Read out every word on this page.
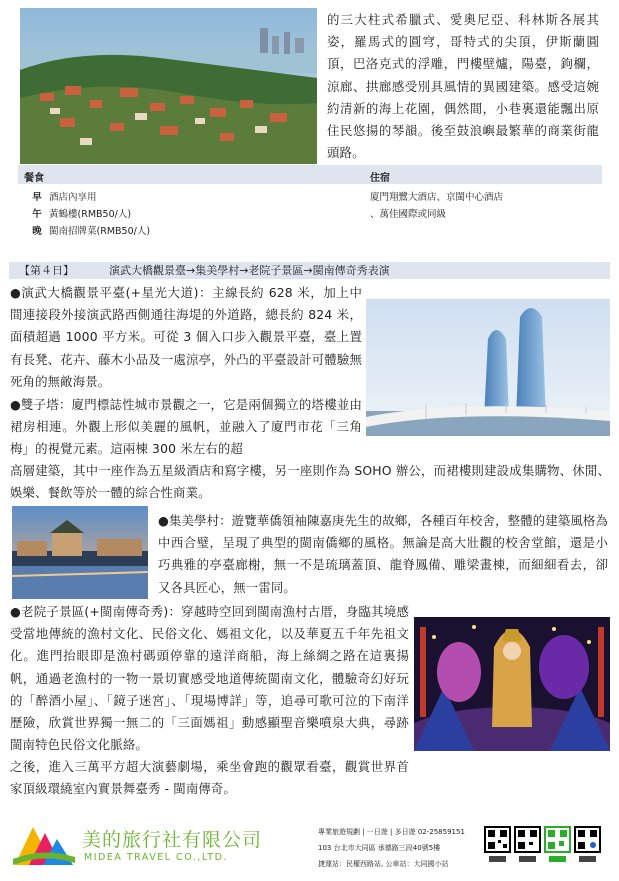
的三大柱式希臘式、愛奧尼亞、科林斯各展其姿，羅馬式的圓穹，哥特式的尖頂，伊斯蘭圓頂，巴洛克式的浮雕，門樓壁爐，陽臺，鉤欄，涼廊、拱廊感受別具風情的異國建築。感受這婉約清新的海上花園，偶然間，小巷裏還能飄出原住民悠揚的琴韻。後至鼓浪嶼最繁華的商業街龍頭路。
餐食	住宿
早 酒店內享用
午 黃鶴樓(RMB50/人)
晚 閩南招牌菜(RMB50/人)
廈門翔鷺大酒店、京閩中心酒店
、萬佳國際或同級
【第４日】	演武大橋觀景臺→集美學村→老院子景區→閩南傳奇秀表演
●演武大橋觀景平臺(+星光大道)：主線長約 628 米，加上中間連接段外接演武路西側通往海堤的外道路，總長約 824 米，面積超過 1000 平方米。可從 3 個入口步入觀景平臺，臺上置有長凳、花卉、藤木小品及一處涼亭，外凸的平臺設計可體驗無死角的無敵海景。
●雙子塔：廈門標誌性城市景觀之一，它是兩個獨立的塔樓並由裙房相連。外觀上形似美麗的風帆，並融入了廈門市花「三角梅」的視覺元素。這兩棟 300 米左右的超
高層建築，其中一座作為五星級酒店和寫字樓，另一座則作為 SOHO 辦公，而裙樓則建設成集購物、休閒、娛樂、餐飲等於一體的綜合性商業。
●集美學村：遊覽華僑領袖陳嘉庚先生的故鄉，各種百年校舍，整體的建築風格為中西合璧，呈現了典型的閩南僑鄉的風格。無論是高大壯觀的校舍堂館，還是小巧典雅的亭臺廊榭，無一不是琉璃蓋頂、龍脊鳳備、雕梁畫棟，而細細看去，卻又各具匠心，無一雷同。
●老院子景區(+閩南傳奇秀)：穿越時空回到閩南漁村古厝，身臨其境感受當地傳統的漁村文化、民俗文化、媽祖文化，以及華夏五千年先祖文化。進門抬眼即是漁村碼頭停靠的遠洋商船，海上絲綢之路在這裏揚帆，通過老漁村的一物一景切實感受地道傳統閩南文化，體驗奇幻好玩的「醉酒小屋」、「鏡子迷宮」、「現場博詳」等，追尋可歌可泣的下南洋歷險，欣賞世界獨一無二的「三面媽祖」動感顯聖音樂噴泉大典，尋跡閩南特色民俗文化脈絡。
之後，進入三萬平方超大演藝劇場，乘坐會跑的觀眾看臺，觀賞世界首家頂級環繞室內實景舞臺秀 - 閩南傳奇。
美的旅行社有限公司
MIDEA TRAVEL CO.,LTD.
專業旅遊規劃 | 一日遊 | 多日遊 02-25859151
103 台北市大同區 承德路三段40號5樓
捷運站：民權西路站, 公車站：大同國小站
